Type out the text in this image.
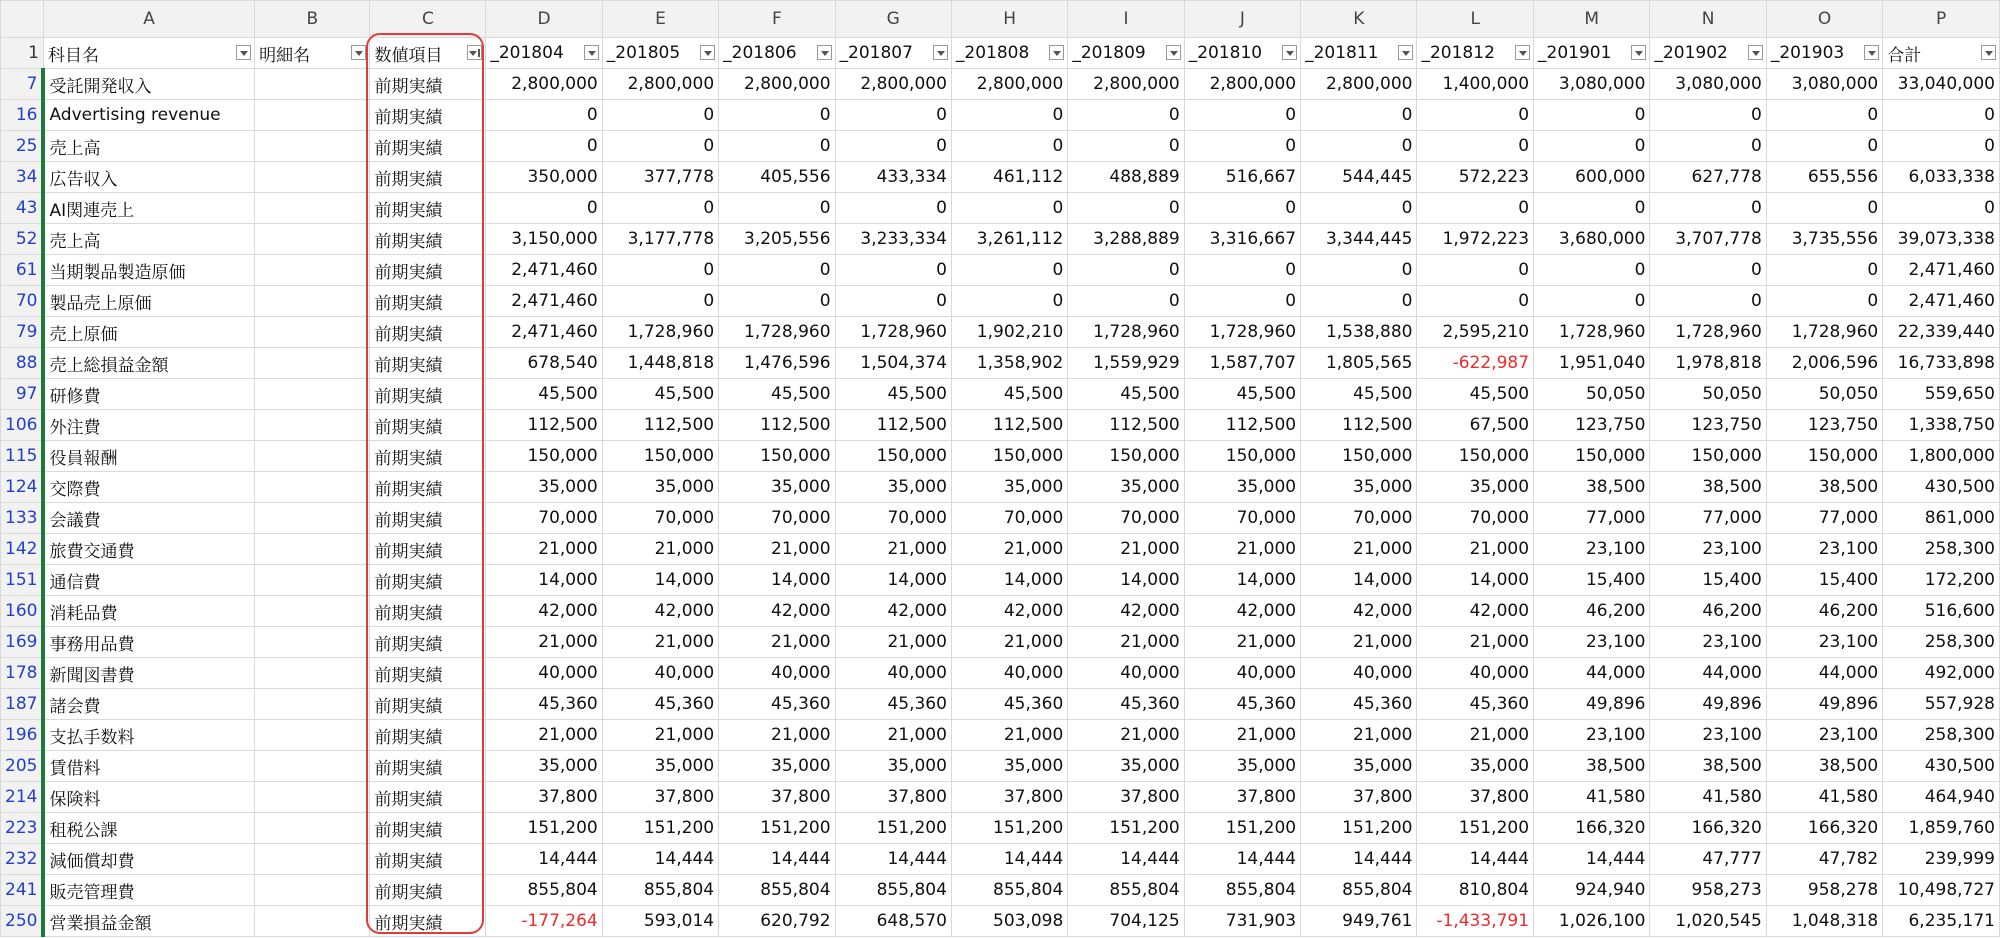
	A	B	C	D	E	F	G	H	I	J	K	L	M	N	O	P
1	科目名	明細名	数値項目	_201804	_201805	_201806	_201807	_201808	_201809	_201810	_201811	_201812	_201901	_201902	_201903	合計

7	受託開発収入		前期実績	2,800,000	2,800,000	2,800,000	2,800,000	2,800,000	2,800,000	2,800,000	2,800,000	1,400,000	3,080,000	3,080,000	3,080,000	33,040,000
16	Advertising revenue		前期実績	0	0	0	0	0	0	0	0	0	0	0	0	0
25	売上高		前期実績	0	0	0	0	0	0	0	0	0	0	0	0	0
34	広告収入		前期実績	350,000	377,778	405,556	433,334	461,112	488,889	516,667	544,445	572,223	600,000	627,778	655,556	6,033,338
43	AI関連売上		前期実績	0	0	0	0	0	0	0	0	0	0	0	0	0
52	売上高		前期実績	3,150,000	3,177,778	3,205,556	3,233,334	3,261,112	3,288,889	3,316,667	3,344,445	1,972,223	3,680,000	3,707,778	3,735,556	39,073,338
61	当期製品製造原価		前期実績	2,471,460	0	0	0	0	0	0	0	0	0	0	0	2,471,460
70	製品売上原価		前期実績	2,471,460	0	0	0	0	0	0	0	0	0	0	0	2,471,460
79	売上原価		前期実績	2,471,460	1,728,960	1,728,960	1,728,960	1,902,210	1,728,960	1,728,960	1,538,880	2,595,210	1,728,960	1,728,960	1,728,960	22,339,440
88	売上総損益金額		前期実績	678,540	1,448,818	1,476,596	1,504,374	1,358,902	1,559,929	1,587,707	1,805,565	-622,987	1,951,040	1,978,818	2,006,596	16,733,898
97	研修費		前期実績	45,500	45,500	45,500	45,500	45,500	45,500	45,500	45,500	45,500	50,050	50,050	50,050	559,650
106	外注費		前期実績	112,500	112,500	112,500	112,500	112,500	112,500	112,500	112,500	67,500	123,750	123,750	123,750	1,338,750
115	役員報酬		前期実績	150,000	150,000	150,000	150,000	150,000	150,000	150,000	150,000	150,000	150,000	150,000	150,000	1,800,000
124	交際費		前期実績	35,000	35,000	35,000	35,000	35,000	35,000	35,000	35,000	35,000	38,500	38,500	38,500	430,500
133	会議費		前期実績	70,000	70,000	70,000	70,000	70,000	70,000	70,000	70,000	70,000	77,000	77,000	77,000	861,000
142	旅費交通費		前期実績	21,000	21,000	21,000	21,000	21,000	21,000	21,000	21,000	21,000	23,100	23,100	23,100	258,300
151	通信費		前期実績	14,000	14,000	14,000	14,000	14,000	14,000	14,000	14,000	14,000	15,400	15,400	15,400	172,200
160	消耗品費		前期実績	42,000	42,000	42,000	42,000	42,000	42,000	42,000	42,000	42,000	46,200	46,200	46,200	516,600
169	事務用品費		前期実績	21,000	21,000	21,000	21,000	21,000	21,000	21,000	21,000	21,000	23,100	23,100	23,100	258,300
178	新聞図書費		前期実績	40,000	40,000	40,000	40,000	40,000	40,000	40,000	40,000	40,000	44,000	44,000	44,000	492,000
187	諸会費		前期実績	45,360	45,360	45,360	45,360	45,360	45,360	45,360	45,360	45,360	49,896	49,896	49,896	557,928
196	支払手数料		前期実績	21,000	21,000	21,000	21,000	21,000	21,000	21,000	21,000	21,000	23,100	23,100	23,100	258,300
205	賃借料		前期実績	35,000	35,000	35,000	35,000	35,000	35,000	35,000	35,000	35,000	38,500	38,500	38,500	430,500
214	保険料		前期実績	37,800	37,800	37,800	37,800	37,800	37,800	37,800	37,800	37,800	41,580	41,580	41,580	464,940
223	租税公課		前期実績	151,200	151,200	151,200	151,200	151,200	151,200	151,200	151,200	151,200	166,320	166,320	166,320	1,859,760
232	減価償却費		前期実績	14,444	14,444	14,444	14,444	14,444	14,444	14,444	14,444	14,444	14,444	47,777	47,782	239,999
241	販売管理費		前期実績	855,804	855,804	855,804	855,804	855,804	855,804	855,804	855,804	810,804	924,940	958,273	958,278	10,498,727
250	営業損益金額		前期実績	-177,264	593,014	620,792	648,570	503,098	704,125	731,903	949,761	-1,433,791	1,026,100	1,020,545	1,048,318	6,235,171
